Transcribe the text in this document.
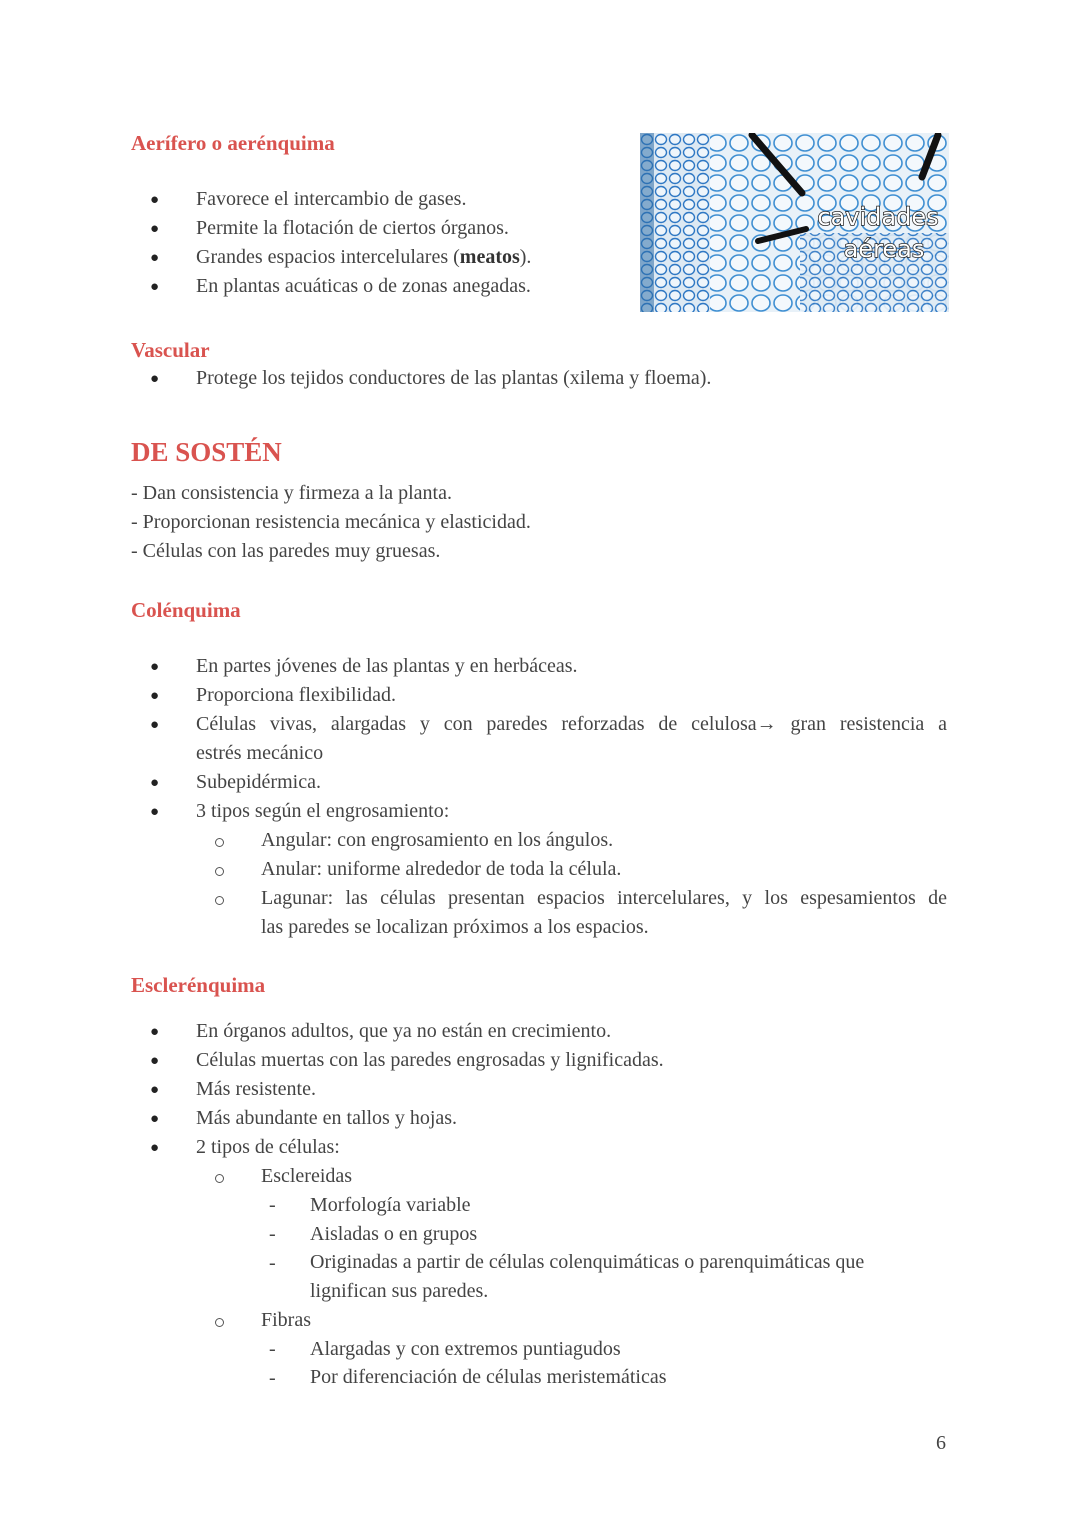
Aerífero o aerénquima
● Favorece el intercambio de gases.
● Permite la flotación de ciertos órganos.
● Grandes espacios intercelulares (meatos).
● En plantas acuáticas o de zonas anegadas.
cavidades
aéreas
Vascular
● Protege los tejidos conductores de las plantas (xilema y floema).
DE SOSTÉN
- Dan consistencia y firmeza a la planta.
- Proporcionan resistencia mecánica y elasticidad.
- Células con las paredes muy gruesas.
Colénquima
● En partes jóvenes de las plantas y en herbáceas.
● Proporciona flexibilidad.
● Células vivas, alargadas y con paredes reforzadas de celulosa→ gran resistencia a
estrés mecánico
● Subepidérmica.
● 3 tipos según el engrosamiento:
Angular: con engrosamiento en los ángulos.
Anular: uniforme alrededor de toda la célula.
Lagunar: las células presentan espacios intercelulares, y los espesamientos de
las paredes se localizan próximos a los espacios.
Esclerénquima
● En órganos adultos, que ya no están en crecimiento.
● Células muertas con las paredes engrosadas y lignificadas.
● Más resistente.
● Más abundante en tallos y hojas.
● 2 tipos de células:
Esclereidas
- Morfología variable
- Aisladas o en grupos
- Originadas a partir de células colenquimáticas o parenquimáticas que
lignifican sus paredes.
Fibras
- Alargadas y con extremos puntiagudos
- Por diferenciación de células meristemáticas
6
